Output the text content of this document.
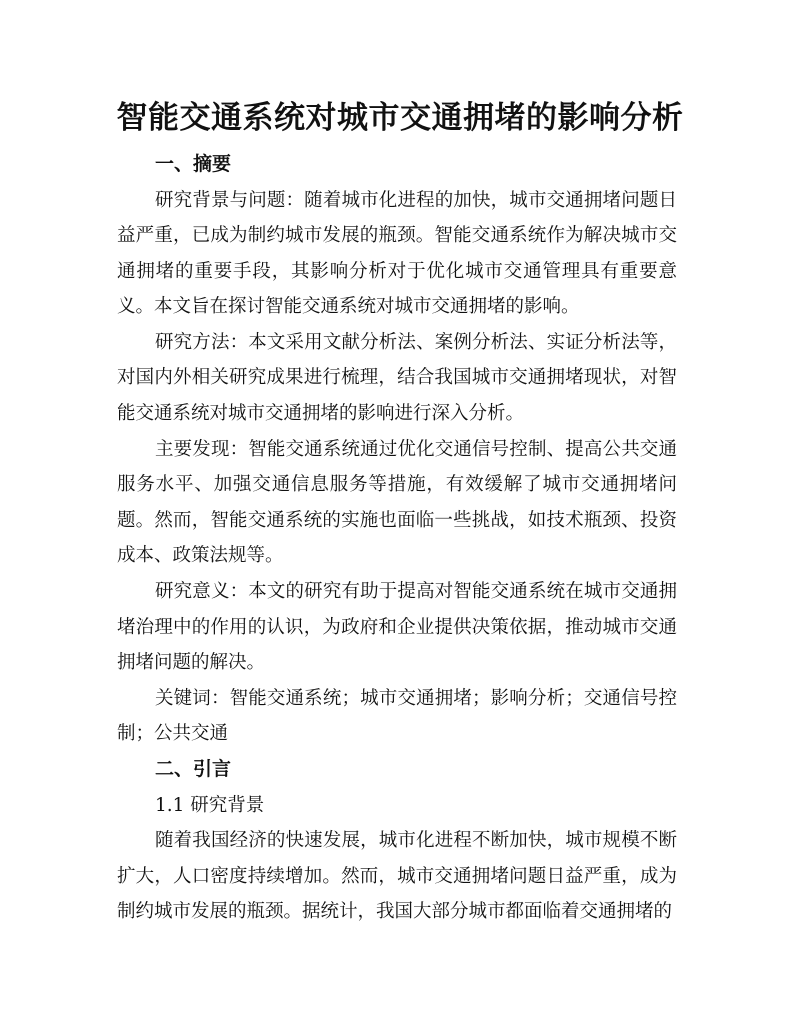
智能交通系统对城市交通拥堵的影响分析

一、摘要

研究背景与问题：随着城市化进程的加快，城市交通拥堵问题日益严重，已成为制约城市发展的瓶颈。智能交通系统作为解决城市交通拥堵的重要手段，其影响分析对于优化城市交通管理具有重要意义。本文旨在探讨智能交通系统对城市交通拥堵的影响。

研究方法：本文采用文献分析法、案例分析法、实证分析法等，对国内外相关研究成果进行梳理，结合我国城市交通拥堵现状，对智能交通系统对城市交通拥堵的影响进行深入分析。

主要发现：智能交通系统通过优化交通信号控制、提高公共交通服务水平、加强交通信息服务等措施，有效缓解了城市交通拥堵问题。然而，智能交通系统的实施也面临一些挑战，如技术瓶颈、投资成本、政策法规等。

研究意义：本文的研究有助于提高对智能交通系统在城市交通拥堵治理中的作用的认识，为政府和企业提供决策依据，推动城市交通拥堵问题的解决。

关键词：智能交通系统；城市交通拥堵；影响分析；交通信号控制；公共交通

二、引言

1.1 研究背景

随着我国经济的快速发展，城市化进程不断加快，城市规模不断扩大，人口密度持续增加。然而，城市交通拥堵问题日益严重，成为制约城市发展的瓶颈。据统计，我国大部分城市都面临着交通拥堵的
